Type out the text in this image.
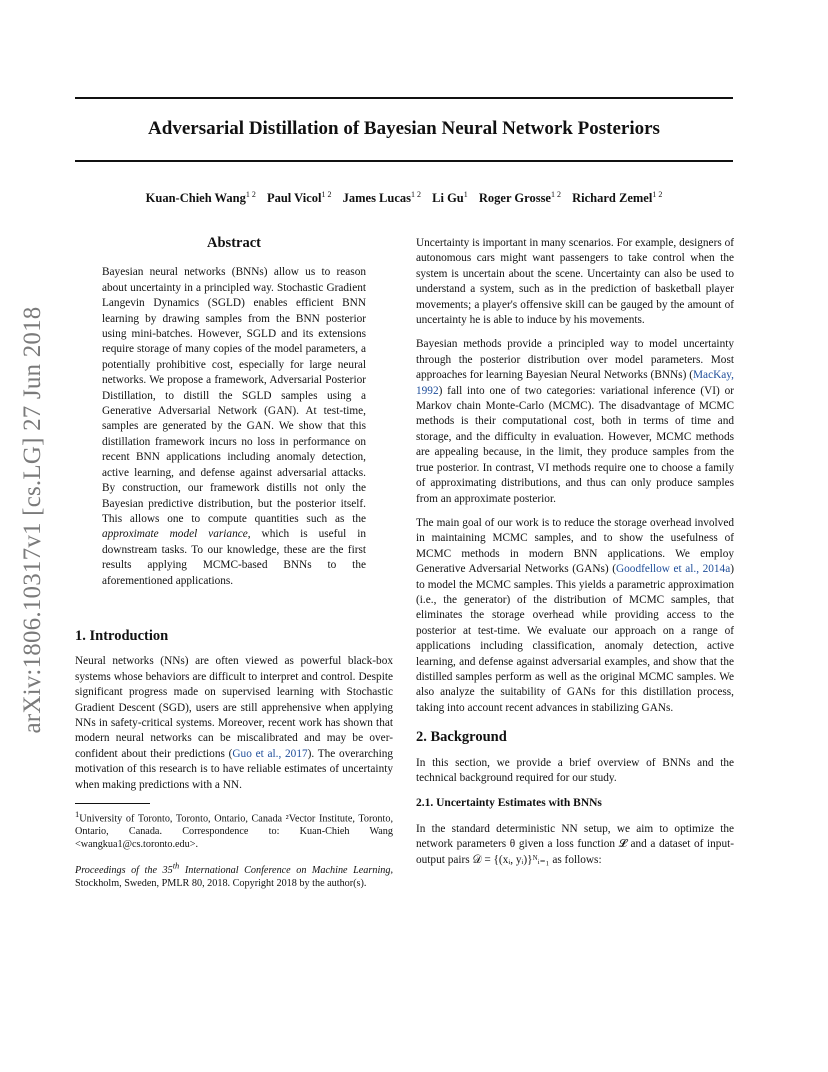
arXiv:1806.10317v1 [cs.LG] 27 Jun 2018
Adversarial Distillation of Bayesian Neural Network Posteriors
Kuan-Chieh Wang$^{1 2}$ Paul Vicol$^{1 2}$ James Lucas$^{1 2}$ Li Gu$^1$ Roger Grosse$^{1 2}$ Richard Zemel$^{1 2}$
Abstract

Bayesian neural networks (BNNs) allow us to reason about uncertainty in a principled way. Stochastic Gradient Langevin Dynamics (SGLD) enables efficient BNN learning by drawing samples from the BNN posterior using mini-batches. However, SGLD and its extensions require storage of many copies of the model parameters, a potentially prohibitive cost, especially for large neural networks. We propose a framework, Adversarial Posterior Distillation, to distill the SGLD samples using a Generative Adversarial Network (GAN). At test-time, samples are generated by the GAN. We show that this distillation framework incurs no loss in performance on recent BNN applications including anomaly detection, active learning, and defense against adversarial attacks. By construction, our framework distills not only the Bayesian predictive distribution, but the posterior itself. This allows one to compute quantities such as the approximate model variance, which is useful in downstream tasks. To our knowledge, these are the first results applying MCMC-based BNNs to the aforementioned applications.

1. Introduction

Neural networks (NNs) are often viewed as powerful black-box systems whose behaviors are difficult to interpret and control. Despite significant progress made on supervised learning with Stochastic Gradient Descent (SGD), users are still apprehensive when applying NNs in safety-critical systems. Moreover, recent work has shown that modern neural networks can be miscalibrated and may be over-confident about their predictions (Guo et al., 2017). The overarching motivation of this research is to have reliable estimates of uncertainty when making predictions with a NN.

$^1$University of Toronto, Toronto, Ontario, Canada ²Vector Institute, Toronto, Ontario, Canada. Correspondence to: Kuan-Chieh Wang <wangkua1@cs.toronto.edu>.

Proceedings of the 35th International Conference on Machine Learning, Stockholm, Sweden, PMLR 80, 2018. Copyright 2018 by the author(s).

Uncertainty is important in many scenarios. For example, designers of autonomous cars might want passengers to take control when the system is uncertain about the scene. Uncertainty can also be used to understand a system, such as in the prediction of basketball player movements; a player's offensive skill can be gauged by the amount of uncertainty he is able to induce by his movements.

Bayesian methods provide a principled way to model uncertainty through the posterior distribution over model parameters. Most approaches for learning Bayesian Neural Networks (BNNs) (MacKay, 1992) fall into one of two categories: variational inference (VI) or Markov chain Monte-Carlo (MCMC). The disadvantage of MCMC methods is their computational cost, both in terms of time and storage, and the difficulty in evaluation. However, MCMC methods are appealing because, in the limit, they produce samples from the true posterior. In contrast, VI methods require one to choose a family of approximating distributions, and thus can only produce samples from an approximate posterior.

The main goal of our work is to reduce the storage overhead involved in maintaining MCMC samples, and to show the usefulness of MCMC methods in modern BNN applications. We employ Generative Adversarial Networks (GANs) (Goodfellow et al., 2014a) to model the MCMC samples. This yields a parametric approximation (i.e., the generator) of the distribution of MCMC samples, that eliminates the storage overhead while providing access to the posterior at test-time. We evaluate our approach on a range of applications including classification, anomaly detection, active learning, and defense against adversarial examples, and show that the distilled samples perform as well as the original MCMC samples. We also analyze the suitability of GANs for this distillation process, taking into account recent advances in stabilizing GANs.

2. Background

In this section, we provide a brief overview of BNNs and the technical background required for our study.

2.1. Uncertainty Estimates with BNNs

In the standard deterministic NN setup, we aim to optimize the network parameters θ given a loss function 𝓛 and a dataset of input-output pairs 𝒟 = {(xᵢ, yᵢ)}ᴺᵢ₌₁ as follows:
